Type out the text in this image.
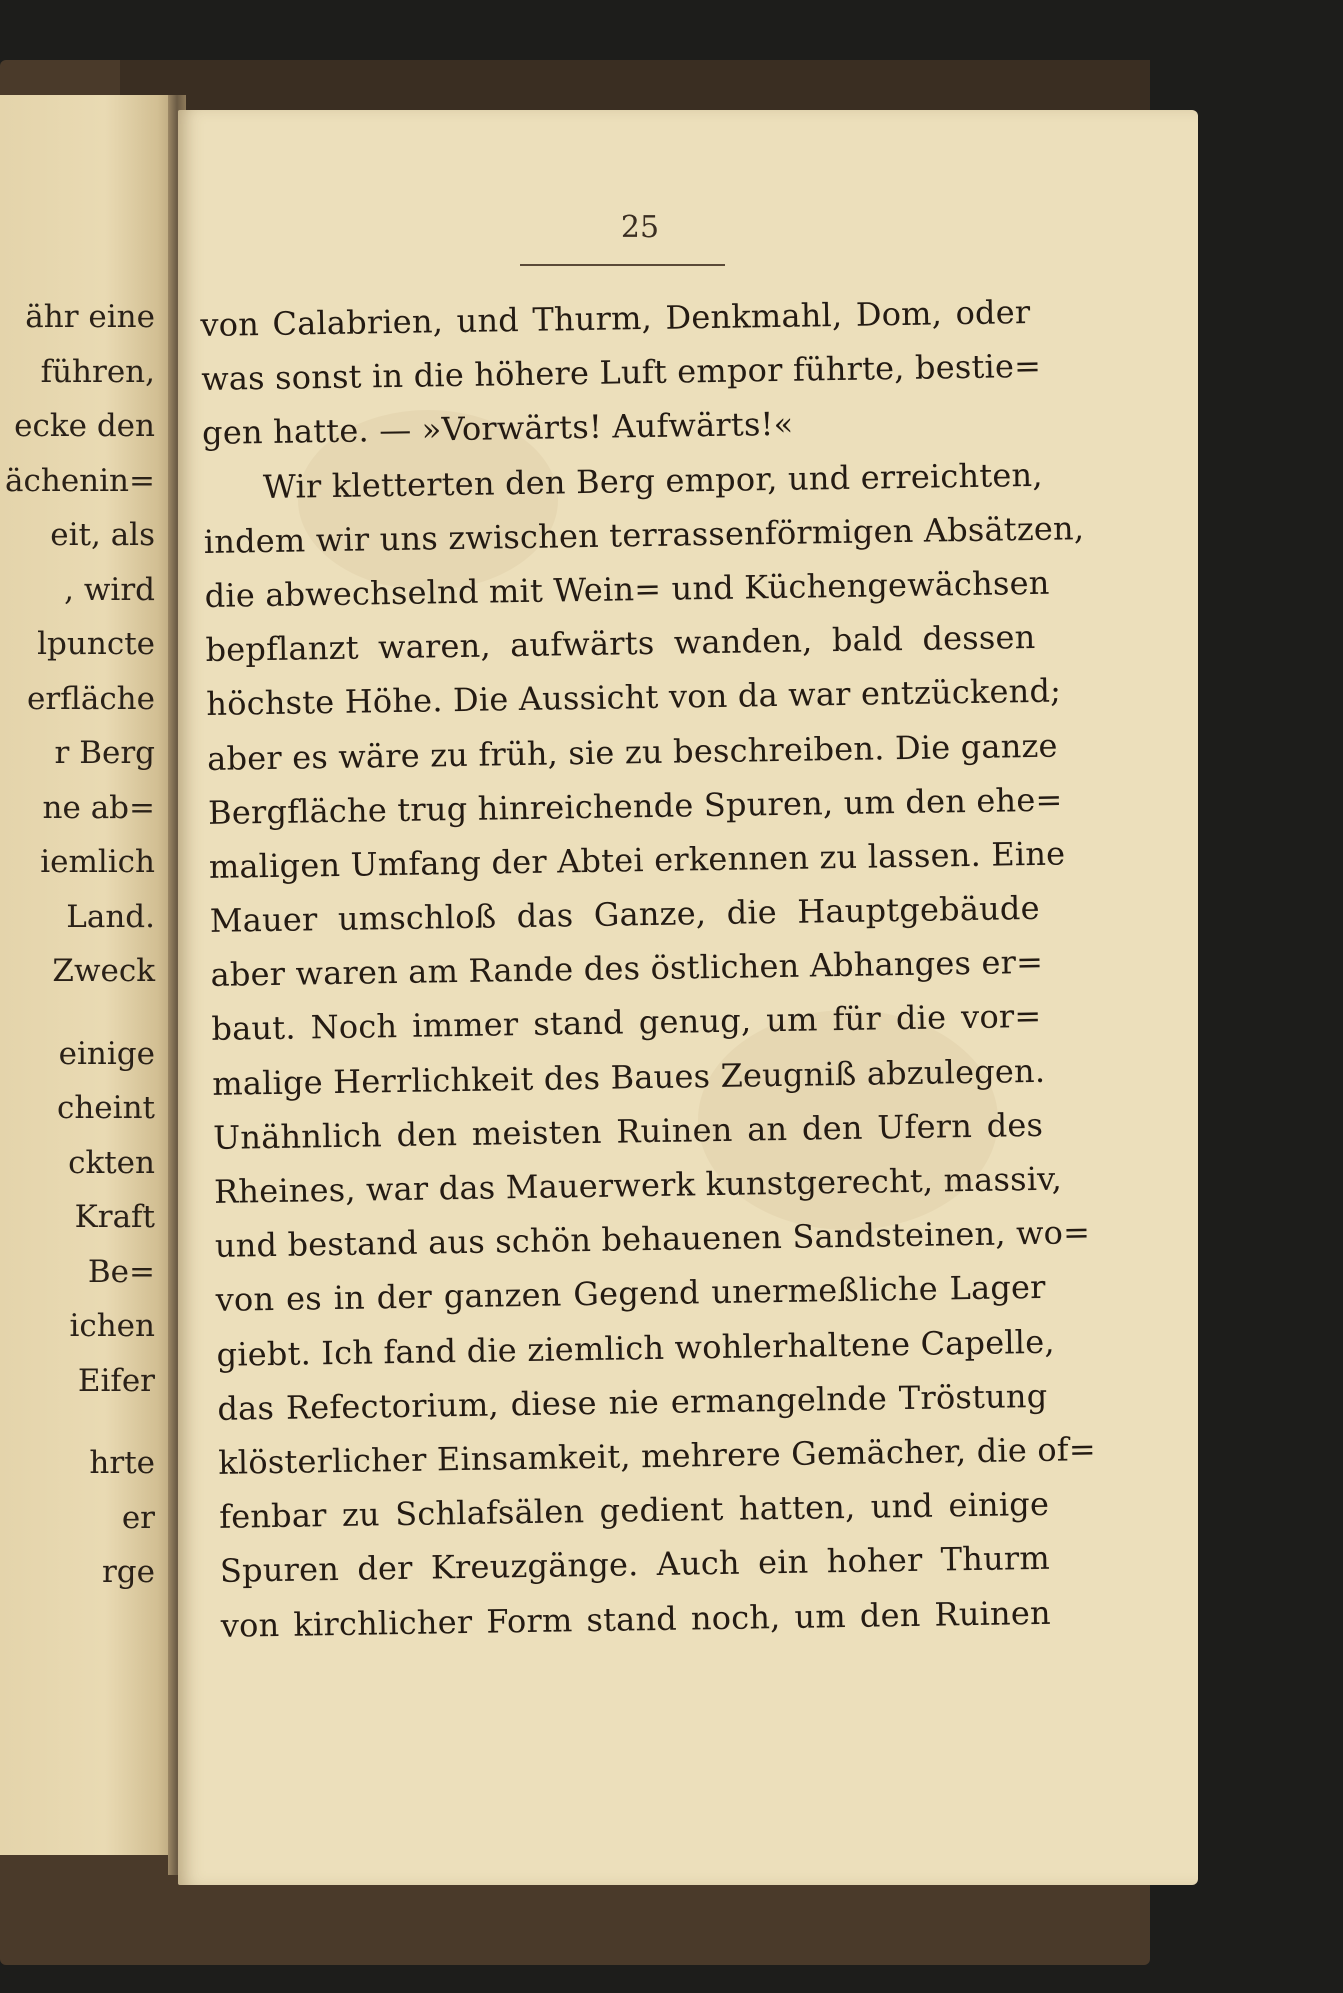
ähr eine
führen,
ecke den
ächenin=
eit, als
, wird
lpuncte
erfläche
r Berg
ne ab=
iemlich
Land.
Zweck
einige
cheint
ckten
Kraft
Be=
ichen
Eifer
hrte
er
rge
25
von Calabrien, und Thurm, Denkmahl, Dom, oder
was sonst in die höhere Luft empor führte, bestie=
gen hatte. — »Vorwärts! Aufwärts!«
Wir kletterten den Berg empor, und erreichten,
indem wir uns zwischen terrassenförmigen Absätzen,
die abwechselnd mit Wein= und Küchengewächsen
bepflanzt waren, aufwärts wanden, bald dessen
höchste Höhe. Die Aussicht von da war entzückend;
aber es wäre zu früh, sie zu beschreiben. Die ganze
Bergfläche trug hinreichende Spuren, um den ehe=
maligen Umfang der Abtei erkennen zu lassen. Eine
Mauer umschloß das Ganze, die Hauptgebäude
aber waren am Rande des östlichen Abhanges er=
baut. Noch immer stand genug, um für die vor=
malige Herrlichkeit des Baues Zeugniß abzulegen.
Unähnlich den meisten Ruinen an den Ufern des
Rheines, war das Mauerwerk kunstgerecht, massiv,
und bestand aus schön behauenen Sandsteinen, wo=
von es in der ganzen Gegend unermeßliche Lager
giebt. Ich fand die ziemlich wohlerhaltene Capelle,
das Refectorium, diese nie ermangelnde Tröstung
klösterlicher Einsamkeit, mehrere Gemächer, die of=
fenbar zu Schlafsälen gedient hatten, und einige
Spuren der Kreuzgänge. Auch ein hoher Thurm
von kirchlicher Form stand noch, um den Ruinen
